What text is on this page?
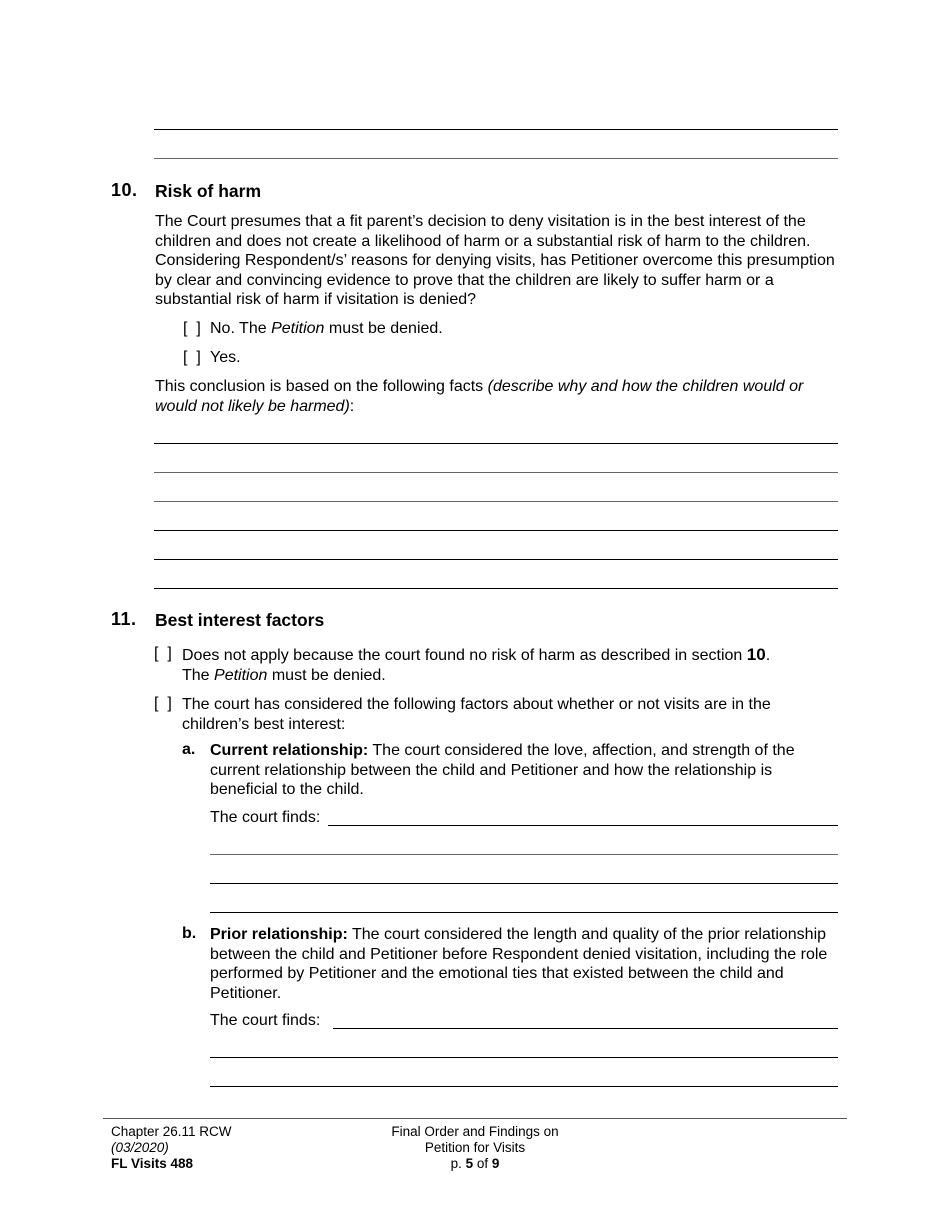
10. Risk of harm
The Court presumes that a fit parent’s decision to deny visitation is in the best interest of the children and does not create a likelihood of harm or a substantial risk of harm to the children. Considering Respondent/s’ reasons for denying visits, has Petitioner overcome this presumption by clear and convincing evidence to prove that the children are likely to suffer harm or a substantial risk of harm if visitation is denied?
[  ] No. The Petition must be denied.
[  ] Yes.
This conclusion is based on the following facts (describe why and how the children would or would not likely be harmed):
11. Best interest factors
[  ] Does not apply because the court found no risk of harm as described in section 10.
The Petition must be denied.
[  ] The court has considered the following factors about whether or not visits are in the children’s best interest:
a. Current relationship: The court considered the love, affection, and strength of the current relationship between the child and Petitioner and how the relationship is beneficial to the child.
The court finds:
b. Prior relationship: The court considered the length and quality of the prior relationship between the child and Petitioner before Respondent denied visitation, including the role performed by Petitioner and the emotional ties that existed between the child and Petitioner.
The court finds:
Chapter 26.11 RCW
(03/2020)
FL Visits 488
Final Order and Findings on
Petition for Visits
p. 5 of 9
